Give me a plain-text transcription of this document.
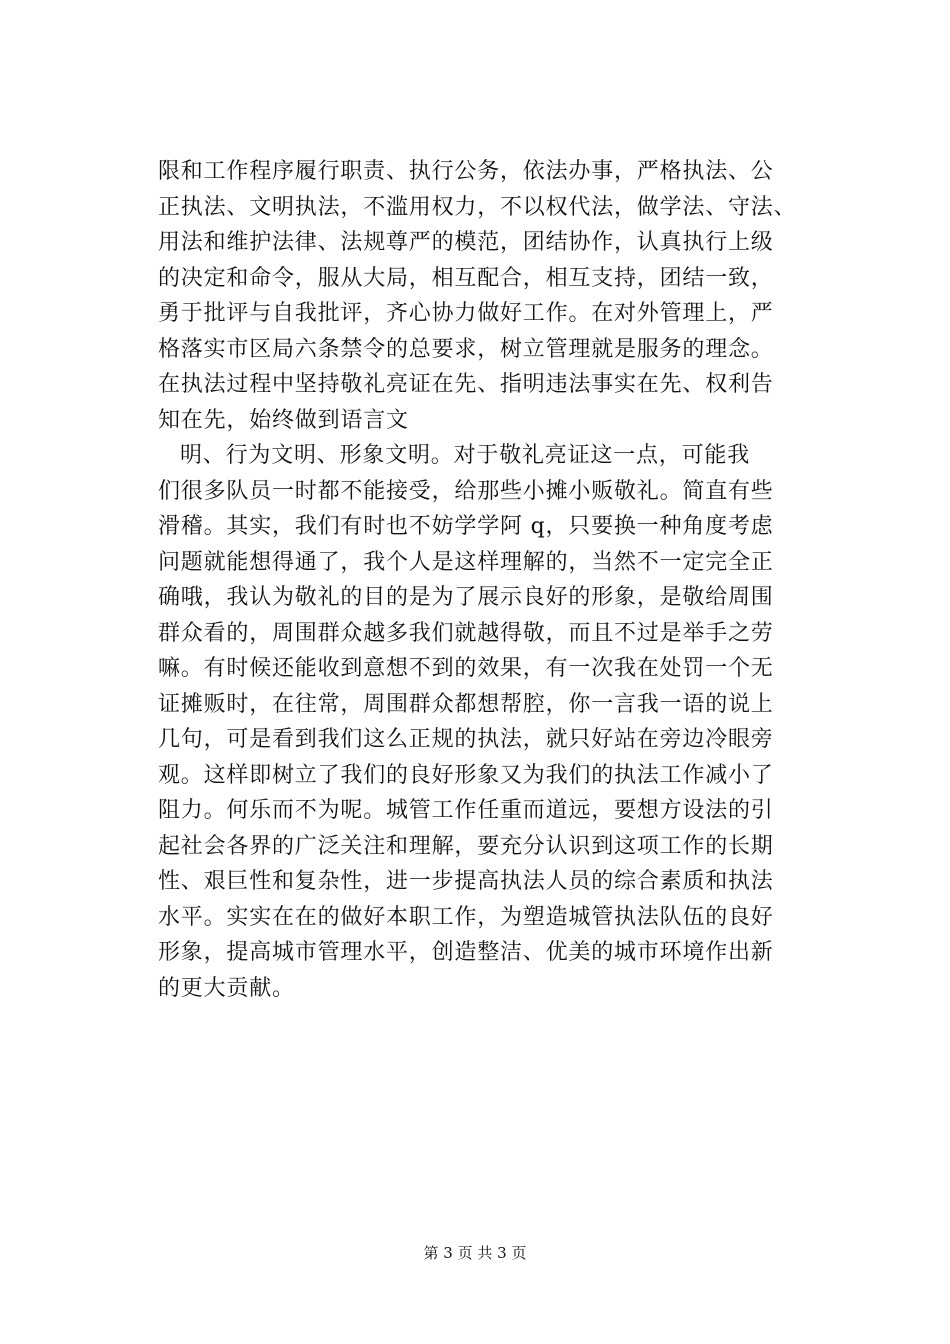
限和工作程序履行职责、执行公务，依法办事，严格执法、公
正执法、文明执法，不滥用权力，不以权代法，做学法、守法、
用法和维护法律、法规尊严的模范，团结协作，认真执行上级
的决定和命令，服从大局，相互配合，相互支持，团结一致，
勇于批评与自我批评，齐心协力做好工作。在对外管理上，严
格落实市区局六条禁令的总要求，树立管理就是服务的理念。
在执法过程中坚持敬礼亮证在先、指明违法事实在先、权利告
知在先，始终做到语言文
明、行为文明、形象文明。对于敬礼亮证这一点，可能我
们很多队员一时都不能接受，给那些小摊小贩敬礼。简直有些
滑稽。其实，我们有时也不妨学学阿 q，只要换一种角度考虑
问题就能想得通了，我个人是这样理解的，当然不一定完全正
确哦，我认为敬礼的目的是为了展示良好的形象，是敬给周围
群众看的，周围群众越多我们就越得敬，而且不过是举手之劳
嘛。有时候还能收到意想不到的效果，有一次我在处罚一个无
证摊贩时，在往常，周围群众都想帮腔，你一言我一语的说上
几句，可是看到我们这么正规的执法，就只好站在旁边冷眼旁
观。这样即树立了我们的良好形象又为我们的执法工作减小了
阻力。何乐而不为呢。城管工作任重而道远，要想方设法的引
起社会各界的广泛关注和理解，要充分认识到这项工作的长期
性、艰巨性和复杂性，进一步提高执法人员的综合素质和执法
水平。实实在在的做好本职工作，为塑造城管执法队伍的良好
形象，提高城市管理水平，创造整洁、优美的城市环境作出新
的更大贡献。
第 3 页 共 3 页
